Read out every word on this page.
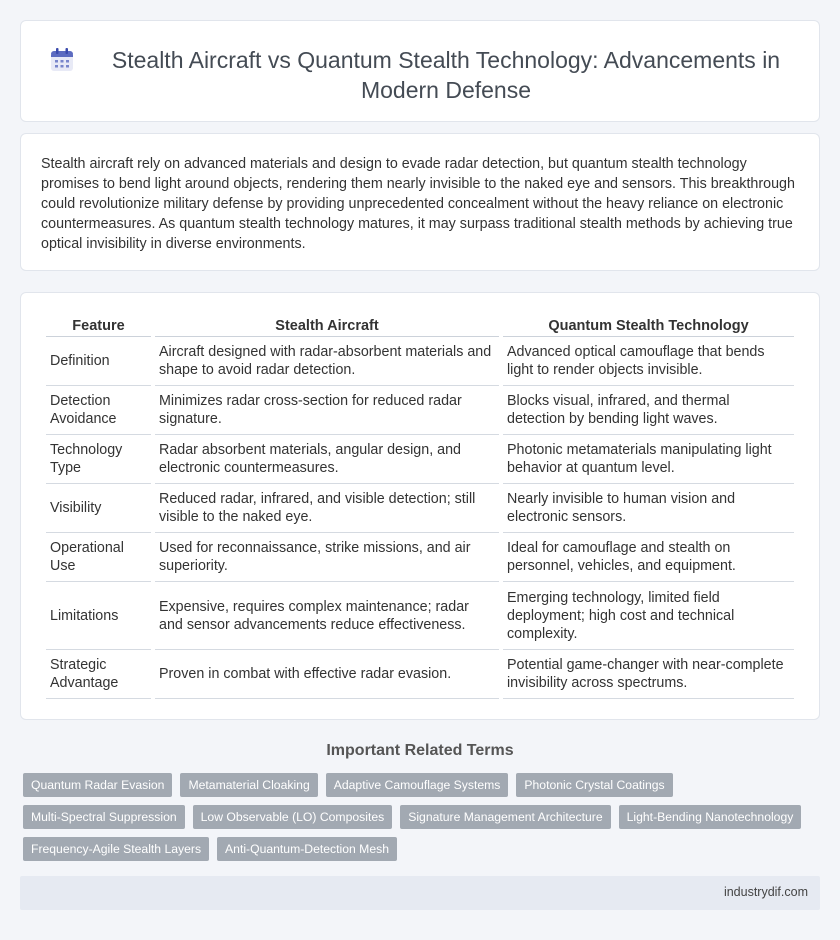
Stealth Aircraft vs Quantum Stealth Technology: Advancements in Modern Defense

Stealth aircraft rely on advanced materials and design to evade radar detection, but quantum stealth technology promises to bend light around objects, rendering them nearly invisible to the naked eye and sensors. This breakthrough could revolutionize military defense by providing unprecedented concealment without the heavy reliance on electronic countermeasures. As quantum stealth technology matures, it may surpass traditional stealth methods by achieving true optical invisibility in diverse environments.

Feature	Stealth Aircraft	Quantum Stealth Technology
Definition	Aircraft designed with radar-absorbent materials and shape to avoid radar detection.	Advanced optical camouflage that bends light to render objects invisible.
Detection Avoidance	Minimizes radar cross-section for reduced radar signature.	Blocks visual, infrared, and thermal detection by bending light waves.
Technology Type	Radar absorbent materials, angular design, and electronic countermeasures.	Photonic metamaterials manipulating light behavior at quantum level.
Visibility	Reduced radar, infrared, and visible detection; still visible to the naked eye.	Nearly invisible to human vision and electronic sensors.
Operational Use	Used for reconnaissance, strike missions, and air superiority.	Ideal for camouflage and stealth on personnel, vehicles, and equipment.
Limitations	Expensive, requires complex maintenance; radar and sensor advancements reduce effectiveness.	Emerging technology, limited field deployment; high cost and technical complexity.
Strategic Advantage	Proven in combat with effective radar evasion.	Potential game-changer with near-complete invisibility across spectrums.
Important Related Terms
Quantum Radar Evasion	Metamaterial Cloaking	Adaptive Camouflage Systems	Photonic Crystal Coatings
Multi-Spectral Suppression	Low Observable (LO) Composites	Signature Management Architecture	Light-Bending Nanotechnology
Frequency-Agile Stealth Layers	Anti-Quantum-Detection Mesh
industrydif.com
